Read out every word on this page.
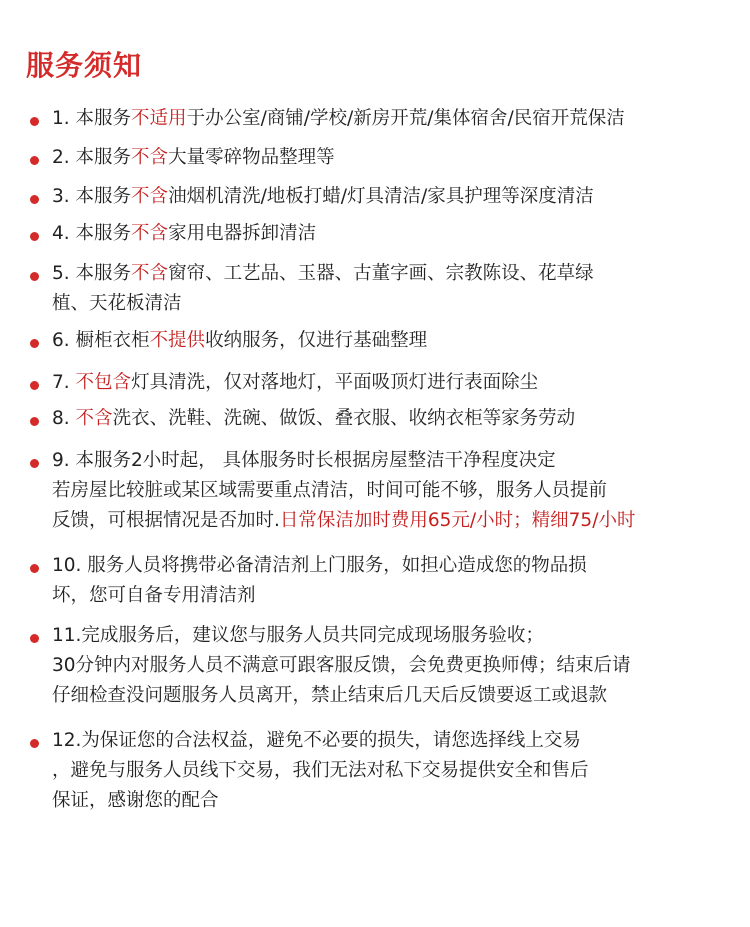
服务须知
1. 本服务不适用于办公室/商铺/学校/新房开荒/集体宿舍/民宿开荒保洁
2. 本服务不含大量零碎物品整理等
3. 本服务不含油烟机清洗/地板打蜡/灯具清洁/家具护理等深度清洁
4. 本服务不含家用电器拆卸清洁
5. 本服务不含窗帘、工艺品、玉器、古董字画、宗教陈设、花草绿
植、天花板清洁
6. 橱柜衣柜不提供收纳服务，仅进行基础整理
7. 不包含灯具清洗，仅对落地灯，平面吸顶灯进行表面除尘
8. 不含洗衣、洗鞋、洗碗、做饭、叠衣服、收纳衣柜等家务劳动
9. 本服务2小时起， 具体服务时长根据房屋整洁干净程度决定
若房屋比较脏或某区域需要重点清洁，时间可能不够，服务人员提前
反馈，可根据情况是否加时.日常保洁加时费用65元/小时；精细75/小时
10. 服务人员将携带必备清洁剂上门服务，如担心造成您的物品损
坏，您可自备专用清洁剂
11.完成服务后，建议您与服务人员共同完成现场服务验收；
30分钟内对服务人员不满意可跟客服反馈，会免费更换师傅；结束后请
仔细检查没问题服务人员离开，禁止结束后几天后反馈要返工或退款
12.为保证您的合法权益，避免不必要的损失，请您选择线上交易
，避免与服务人员线下交易，我们无法对私下交易提供安全和售后
保证，感谢您的配合
